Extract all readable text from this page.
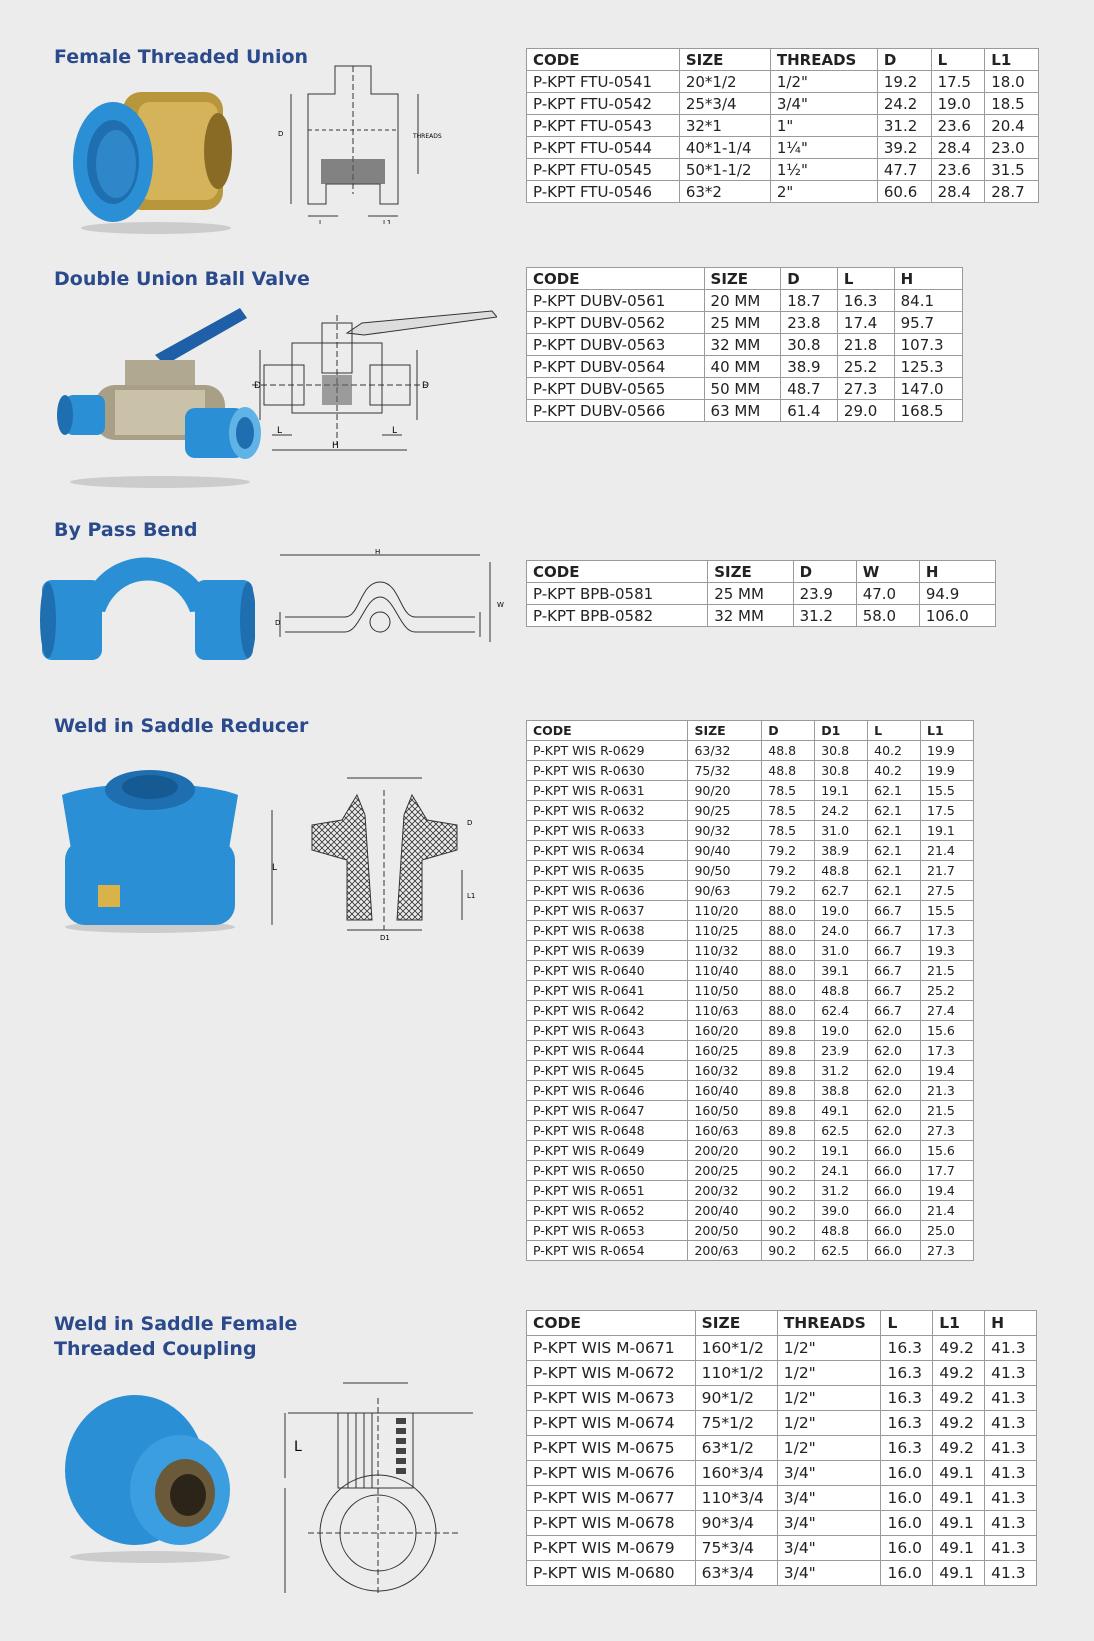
Female Threaded Union
D	THREADS
L	L1
CODE	SIZE	THREADS	D	L	L1
P-KPT FTU-0541	20*1/2	1/2"	19.2	17.5	18.0
P-KPT FTU-0542	25*3/4	3/4"	24.2	19.0	18.5
P-KPT FTU-0543	32*1	1"	31.2	23.6	20.4
P-KPT FTU-0544	40*1-1/4	1¼"	39.2	28.4	23.0
P-KPT FTU-0545	50*1-1/2	1½"	47.7	23.6	31.5
P-KPT FTU-0546	63*2	2"	60.6	28.4	28.7
Double Union Ball Valve
D	D
L	L
H
CODE	SIZE	D	L	H
P-KPT DUBV-0561	20 MM	18.7	16.3	84.1
P-KPT DUBV-0562	25 MM	23.8	17.4	95.7
P-KPT DUBV-0563	32 MM	30.8	21.8	107.3
P-KPT DUBV-0564	40 MM	38.9	25.2	125.3
P-KPT DUBV-0565	50 MM	48.7	27.3	147.0
P-KPT DUBV-0566	63 MM	61.4	29.0	168.5
By Pass Bend
H
W
D
CODE	SIZE	D	W	H
P-KPT BPB-0581	25 MM	23.9	47.0	94.9
P-KPT BPB-0582	32 MM	31.2	58.0	106.0
Weld in Saddle Reducer
L
D
L1
D1
CODE	SIZE	D	D1	L	L1
P-KPT WIS R-0629	63/32	48.8	30.8	40.2	19.9
P-KPT WIS R-0630	75/32	48.8	30.8	40.2	19.9
P-KPT WIS R-0631	90/20	78.5	19.1	62.1	15.5
P-KPT WIS R-0632	90/25	78.5	24.2	62.1	17.5
P-KPT WIS R-0633	90/32	78.5	31.0	62.1	19.1
P-KPT WIS R-0634	90/40	79.2	38.9	62.1	21.4
P-KPT WIS R-0635	90/50	79.2	48.8	62.1	21.7
P-KPT WIS R-0636	90/63	79.2	62.7	62.1	27.5
P-KPT WIS R-0637	110/20	88.0	19.0	66.7	15.5
P-KPT WIS R-0638	110/25	88.0	24.0	66.7	17.3
P-KPT WIS R-0639	110/32	88.0	31.0	66.7	19.3
P-KPT WIS R-0640	110/40	88.0	39.1	66.7	21.5
P-KPT WIS R-0641	110/50	88.0	48.8	66.7	25.2
P-KPT WIS R-0642	110/63	88.0	62.4	66.7	27.4
P-KPT WIS R-0643	160/20	89.8	19.0	62.0	15.6
P-KPT WIS R-0644	160/25	89.8	23.9	62.0	17.3
P-KPT WIS R-0645	160/32	89.8	31.2	62.0	19.4
P-KPT WIS R-0646	160/40	89.8	38.8	62.0	21.3
P-KPT WIS R-0647	160/50	89.8	49.1	62.0	21.5
P-KPT WIS R-0648	160/63	89.8	62.5	62.0	27.3
P-KPT WIS R-0649	200/20	90.2	19.1	66.0	15.6
P-KPT WIS R-0650	200/25	90.2	24.1	66.0	17.7
P-KPT WIS R-0651	200/32	90.2	31.2	66.0	19.4
P-KPT WIS R-0652	200/40	90.2	39.0	66.0	21.4
P-KPT WIS R-0653	200/50	90.2	48.8	66.0	25.0
P-KPT WIS R-0654	200/63	90.2	62.5	66.0	27.3
Weld in Saddle Female
Threaded Coupling
L
CODE	SIZE	THREADS	L	L1	H
P-KPT WIS M-0671	160*1/2	1/2"	16.3	49.2	41.3
P-KPT WIS M-0672	110*1/2	1/2"	16.3	49.2	41.3
P-KPT WIS M-0673	90*1/2	1/2"	16.3	49.2	41.3
P-KPT WIS M-0674	75*1/2	1/2"	16.3	49.2	41.3
P-KPT WIS M-0675	63*1/2	1/2"	16.3	49.2	41.3
P-KPT WIS M-0676	160*3/4	3/4"	16.0	49.1	41.3
P-KPT WIS M-0677	110*3/4	3/4"	16.0	49.1	41.3
P-KPT WIS M-0678	90*3/4	3/4"	16.0	49.1	41.3
P-KPT WIS M-0679	75*3/4	3/4"	16.0	49.1	41.3
P-KPT WIS M-0680	63*3/4	3/4"	16.0	49.1	41.3
